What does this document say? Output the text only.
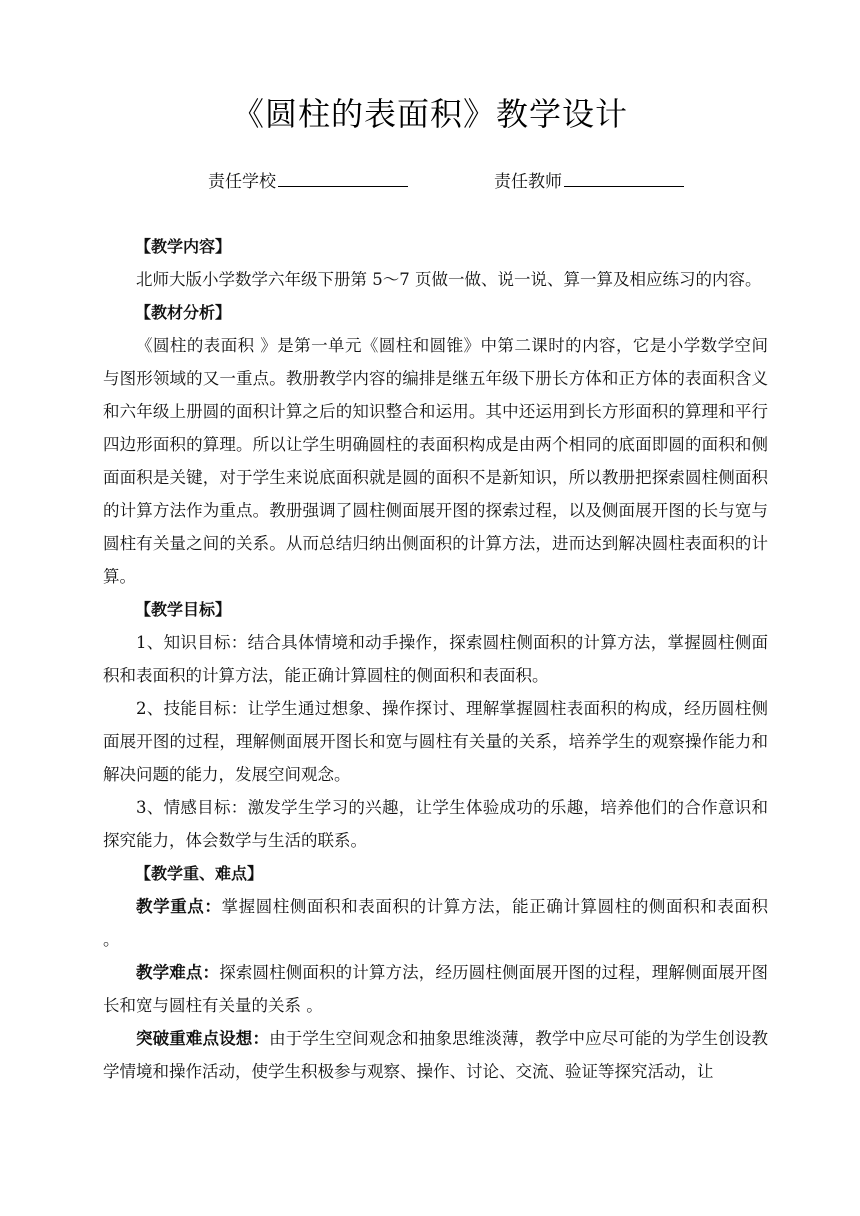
《圆柱的表面积》教学设计
责任学校	责任教师

【教学内容】

北师大版小学数学六年级下册第 5～7 页做一做、说一说、算一算及相应练习的内容。

【教材分析】

《圆柱的表面积 》是第一单元《圆柱和圆锥》中第二课时的内容，它是小学数学空间与图形领域的又一重点。教册教学内容的编排是继五年级下册长方体和正方体的表面积含义和六年级上册圆的面积计算之后的知识整合和运用。其中还运用到长方形面积的算理和平行四边形面积的算理。所以让学生明确圆柱的表面积构成是由两个相同的底面即圆的面积和侧面面积是关键，对于学生来说底面积就是圆的面积不是新知识，所以教册把探索圆柱侧面积的计算方法作为重点。教册强调了圆柱侧面展开图的探索过程，以及侧面展开图的长与宽与圆柱有关量之间的关系。从而总结归纳出侧面积的计算方法，进而达到解决圆柱表面积的计算。

【教学目标】

1、知识目标：结合具体情境和动手操作，探索圆柱侧面积的计算方法，掌握圆柱侧面积和表面积的计算方法，能正确计算圆柱的侧面积和表面积。

2、技能目标：让学生通过想象、操作探讨、理解掌握圆柱表面积的构成，经历圆柱侧面展开图的过程，理解侧面展开图长和宽与圆柱有关量的关系，培养学生的观察操作能力和解决问题的能力，发展空间观念。

3、情感目标：激发学生学习的兴趣，让学生体验成功的乐趣，培养他们的合作意识和探究能力，体会数学与生活的联系。

【教学重、难点】

教学重点：掌握圆柱侧面积和表面积的计算方法，能正确计算圆柱的侧面积和表面积 。

教学难点：探索圆柱侧面积的计算方法，经历圆柱侧面展开图的过程，理解侧面展开图长和宽与圆柱有关量的关系 。

突破重难点设想：由于学生空间观念和抽象思维淡薄，教学中应尽可能的为学生创设教学情境和操作活动，使学生积极参与观察、操作、讨论、交流、验证等探究活动，让
